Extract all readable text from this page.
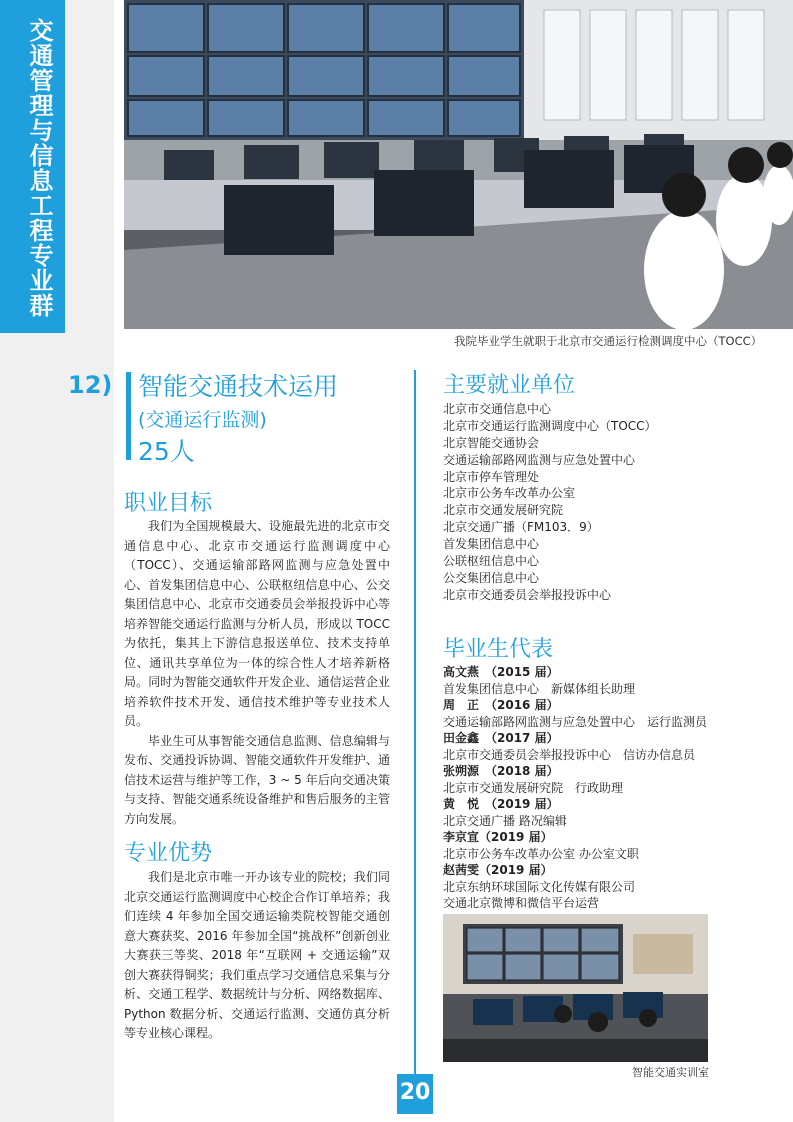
交通管理与信息工程专业群
我院毕业学生就职于北京市交通运行检测调度中心（TOCC）
12) 智能交通技术运用
(交通运行监测)
25人
职业目标

我们为全国规模最大、设施最先进的北京市交通信息中心、北京市交通运行监测调度中心（TOCC）、交通运输部路网监测与应急处置中心、首发集团信息中心、公联枢纽信息中心、公交集团信息中心、北京市交通委员会举报投诉中心等培养智能交通运行监测与分析人员，形成以 TOCC 为依托，集其上下游信息报送单位、技术支持单位、通讯共享单位为一体的综合性人才培养新格局。同时为智能交通软件开发企业、通信运营企业培养软件技术开发、通信技术维护等专业技术人员。

毕业生可从事智能交通信息监测、信息编辑与发布、交通投诉协调、智能交通软件开发维护、通信技术运营与维护等工作，3 ~ 5 年后向交通决策与支持、智能交通系统设备维护和售后服务的主管方向发展。

专业优势

我们是北京市唯一开办该专业的院校；我们同北京交通运行监测调度中心校企合作订单培养；我们连续 4 年参加全国交通运输类院校智能交通创意大赛获奖、2016 年参加全国“挑战杯”创新创业大赛获三等奖、2018 年“互联网 + 交通运输”双创大赛获得铜奖；我们重点学习交通信息采集与分析、交通工程学、数据统计与分析、网络数据库、Python 数据分析、交通运行监测、交通仿真分析等专业核心课程。

主要就业单位
北京市交通信息中心
北京市交通运行监测调度中心（TOCC）
北京智能交通协会
交通运输部路网监测与应急处置中心
北京市停车管理处
北京市公务车改革办公室
北京市交通发展研究院
北京交通广播（FM103．9）
首发集团信息中心
公联枢纽信息中心
公交集团信息中心
北京市交通委员会举报投诉中心
毕业生代表
高文燕　（2015 届）
首发集团信息中心　新媒体组长助理
周　正　（2016 届）
交通运输部路网监测与应急处置中心　运行监测员
田金鑫　（2017 届）
北京市交通委员会举报投诉中心　信访办信息员
张朔源　（2018 届）
北京市交通发展研究院　行政助理
黄　悦　（2019 届）
北京交通广播 路况编辑
李京宣（2019 届）
北京市公务车改革办公室 办公室文职
赵茜雯（2019 届）
北京东纳环球国际文化传媒有限公司
交通北京微博和微信平台运营
智能交通实训室
20
